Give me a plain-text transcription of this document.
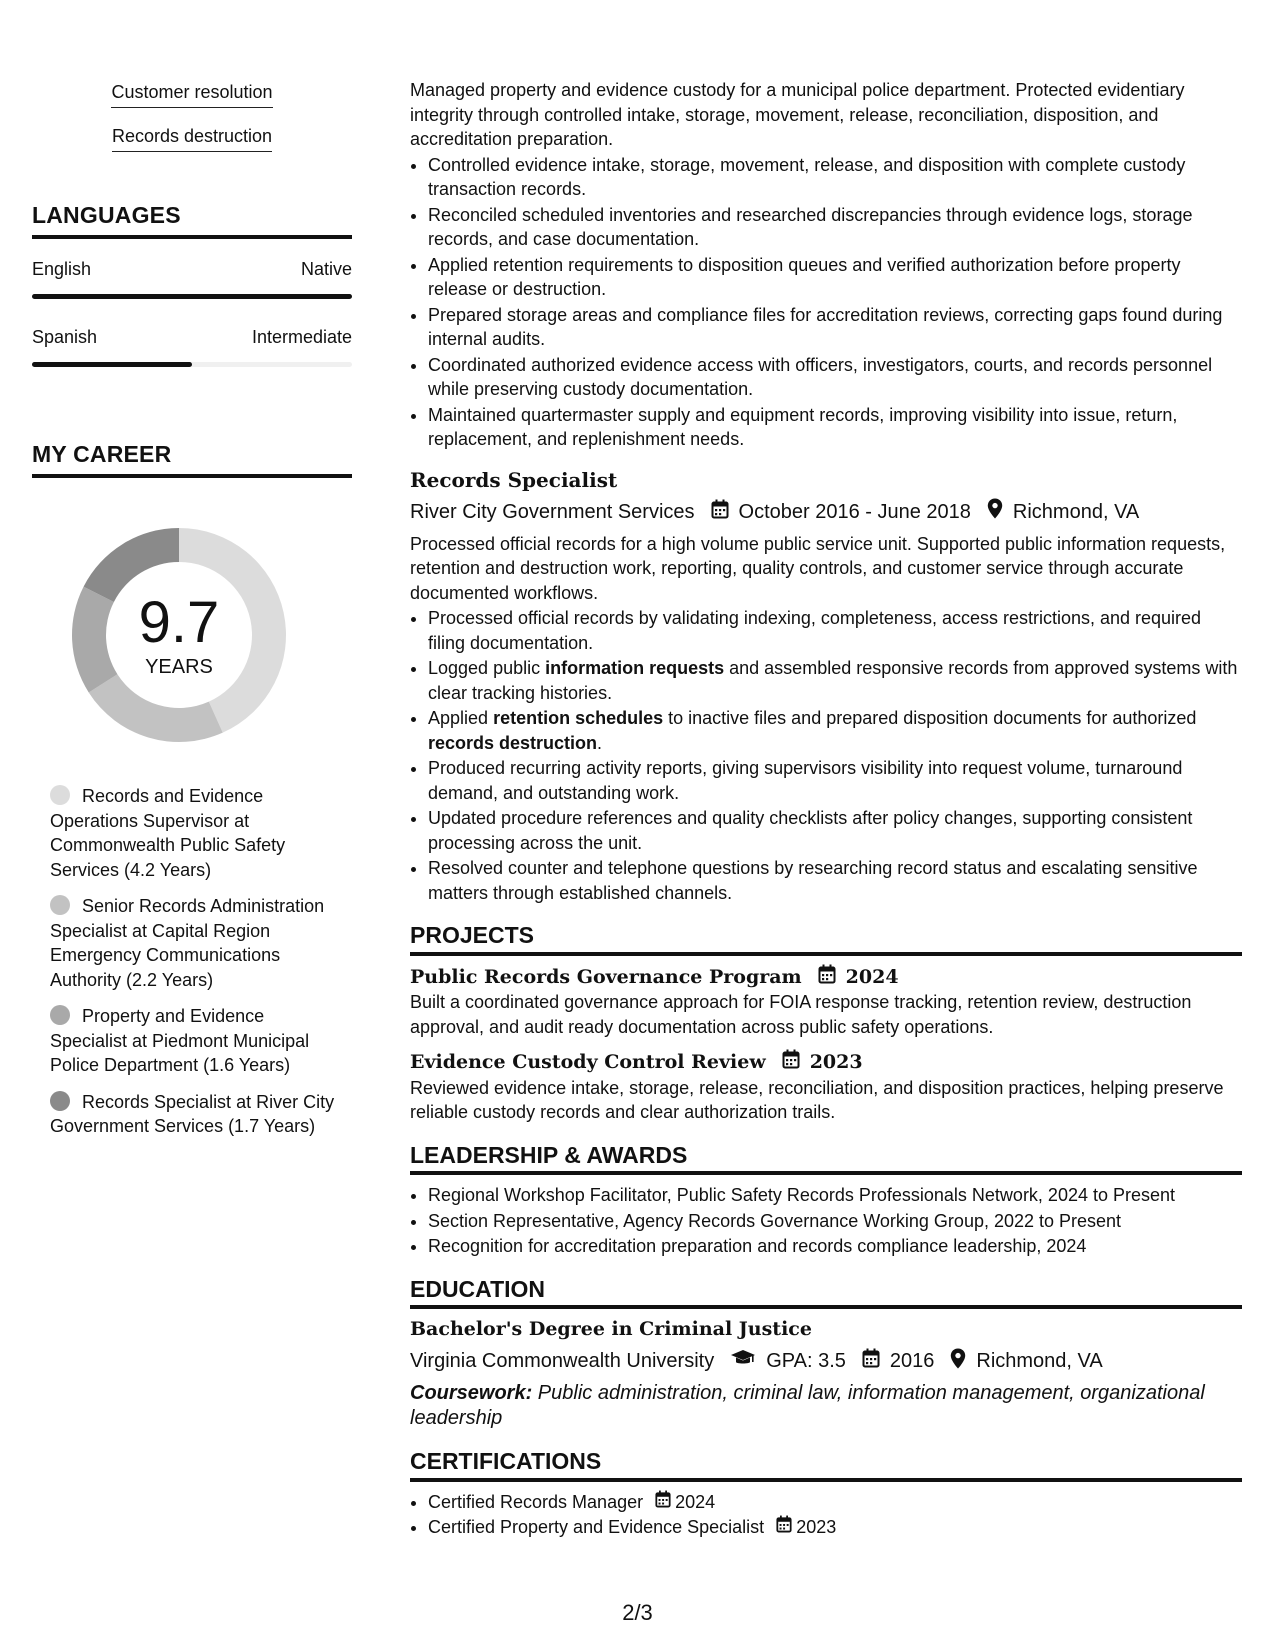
Customer resolution
Records destruction
LANGUAGES
English	Native
Spanish	Intermediate
MY CAREER
9.7
YEARS
Records and Evidence Operations Supervisor at Commonwealth Public Safety Services (4.2 Years)
Senior Records Administration Specialist at Capital Region Emergency Communications Authority (2.2 Years)
Property and Evidence Specialist at Piedmont Municipal Police Department (1.6 Years)
Records Specialist at River City Government Services (1.7 Years)

Managed property and evidence custody for a municipal police department. Protected evidentiary integrity through controlled intake, storage, movement, release, reconciliation, disposition, and accreditation preparation.

• Controlled evidence intake, storage, movement, release, and disposition with complete custody transaction records.
• Reconciled scheduled inventories and researched discrepancies through evidence logs, storage records, and case documentation.
• Applied retention requirements to disposition queues and verified authorization before property release or destruction.
• Prepared storage areas and compliance files for accreditation reviews, correcting gaps found during internal audits.
• Coordinated authorized evidence access with officers, investigators, courts, and records personnel while preserving custody documentation.
• Maintained quartermaster supply and equipment records, improving visibility into issue, return, replacement, and replenishment needs.
Records Specialist
River City Government Services October 2016 - June 2018 Richmond, VA

Processed official records for a high volume public service unit. Supported public information requests, retention and destruction work, reporting, quality controls, and customer service through accurate documented workflows.

• Processed official records by validating indexing, completeness, access restrictions, and required filing documentation.
• Logged public information requests and assembled responsive records from approved systems with clear tracking histories.
• Applied retention schedules to inactive files and prepared disposition documents for authorized records destruction.
• Produced recurring activity reports, giving supervisors visibility into request volume, turnaround demand, and outstanding work.
• Updated procedure references and quality checklists after policy changes, supporting consistent processing across the unit.
• Resolved counter and telephone questions by researching record status and escalating sensitive matters through established channels.
PROJECTS
Public Records Governance Program 2024

Built a coordinated governance approach for FOIA response tracking, retention review, destruction approval, and audit ready documentation across public safety operations.

Evidence Custody Control Review 2023

Reviewed evidence intake, storage, release, reconciliation, and disposition practices, helping preserve reliable custody records and clear authorization trails.

LEADERSHIP & AWARDS
• Regional Workshop Facilitator, Public Safety Records Professionals Network, 2024 to Present
• Section Representative, Agency Records Governance Working Group, 2022 to Present
• Recognition for accreditation preparation and records compliance leadership, 2024
EDUCATION
Bachelor's Degree in Criminal Justice
Virginia Commonwealth University	GPA: 3.5 2016 Richmond, VA
Coursework: Public administration, criminal law, information management, organizational leadership
CERTIFICATIONS
• Certified Records Manager 2024
• Certified Property and Evidence Specialist 2023
2/3
